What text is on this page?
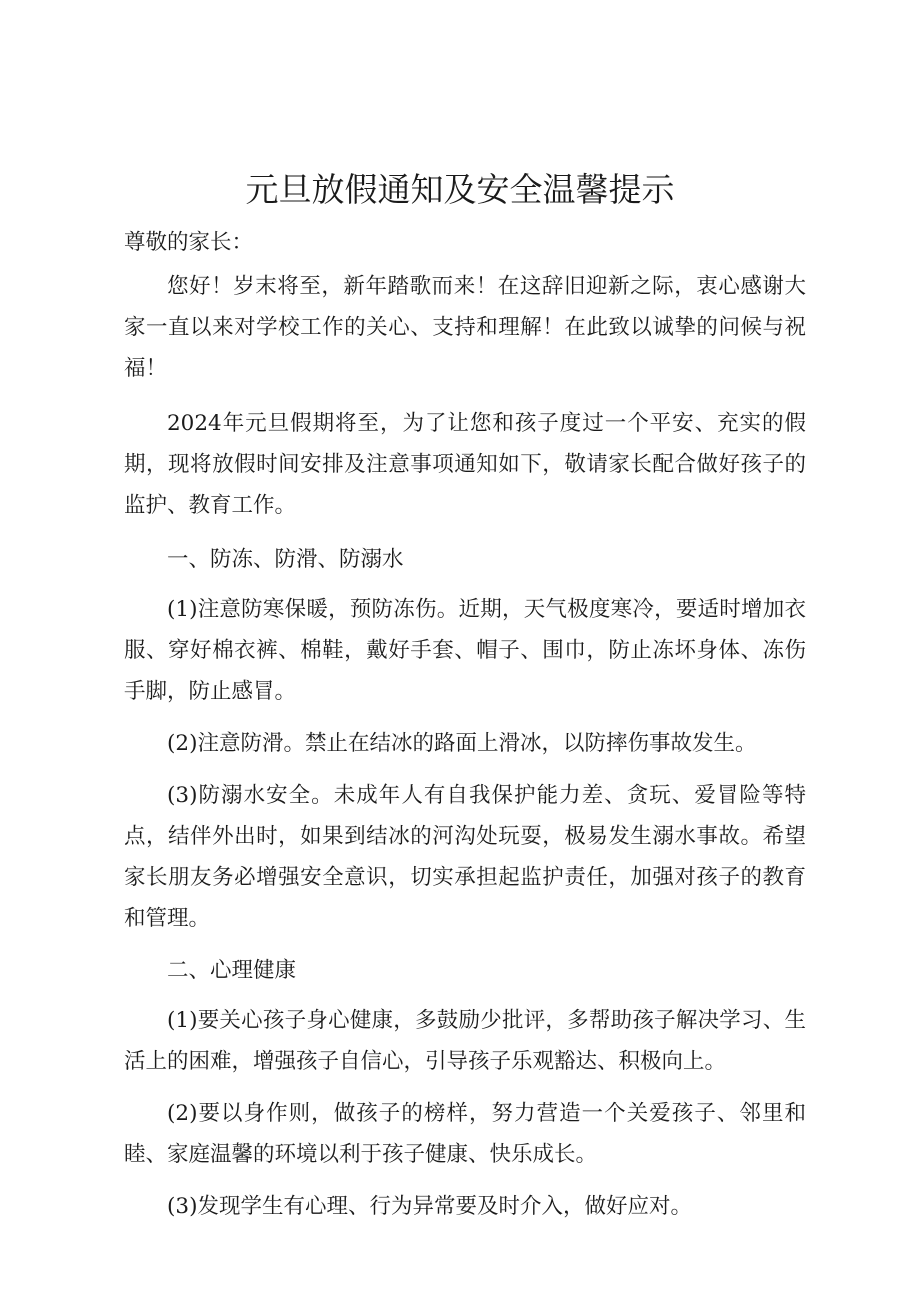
元旦放假通知及安全温馨提示

尊敬的家长：

您好！岁末将至，新年踏歌而来！在这辞旧迎新之际，衷心感谢大家一直以来对学校工作的关心、支持和理解！在此致以诚挚的问候与祝福！

2024年元旦假期将至，为了让您和孩子度过一个平安、充实的假期，现将放假时间安排及注意事项通知如下，敬请家长配合做好孩子的监护、教育工作。

一、防冻、防滑、防溺水

(1)注意防寒保暖，预防冻伤。近期，天气极度寒冷，要适时增加衣服、穿好棉衣裤、棉鞋，戴好手套、帽子、围巾，防止冻坏身体、冻伤手脚，防止感冒。

(2)注意防滑。禁止在结冰的路面上滑冰，以防摔伤事故发生。

(3)防溺水安全。未成年人有自我保护能力差、贪玩、爱冒险等特点，结伴外出时，如果到结冰的河沟处玩耍，极易发生溺水事故。希望家长朋友务必增强安全意识，切实承担起监护责任，加强对孩子的教育和管理。

二、心理健康

(1)要关心孩子身心健康，多鼓励少批评，多帮助孩子解决学习、生活上的困难，增强孩子自信心，引导孩子乐观豁达、积极向上。

(2)要以身作则，做孩子的榜样，努力营造一个关爱孩子、邻里和睦、家庭温馨的环境以利于孩子健康、快乐成长。

(3)发现学生有心理、行为异常要及时介入，做好应对。
